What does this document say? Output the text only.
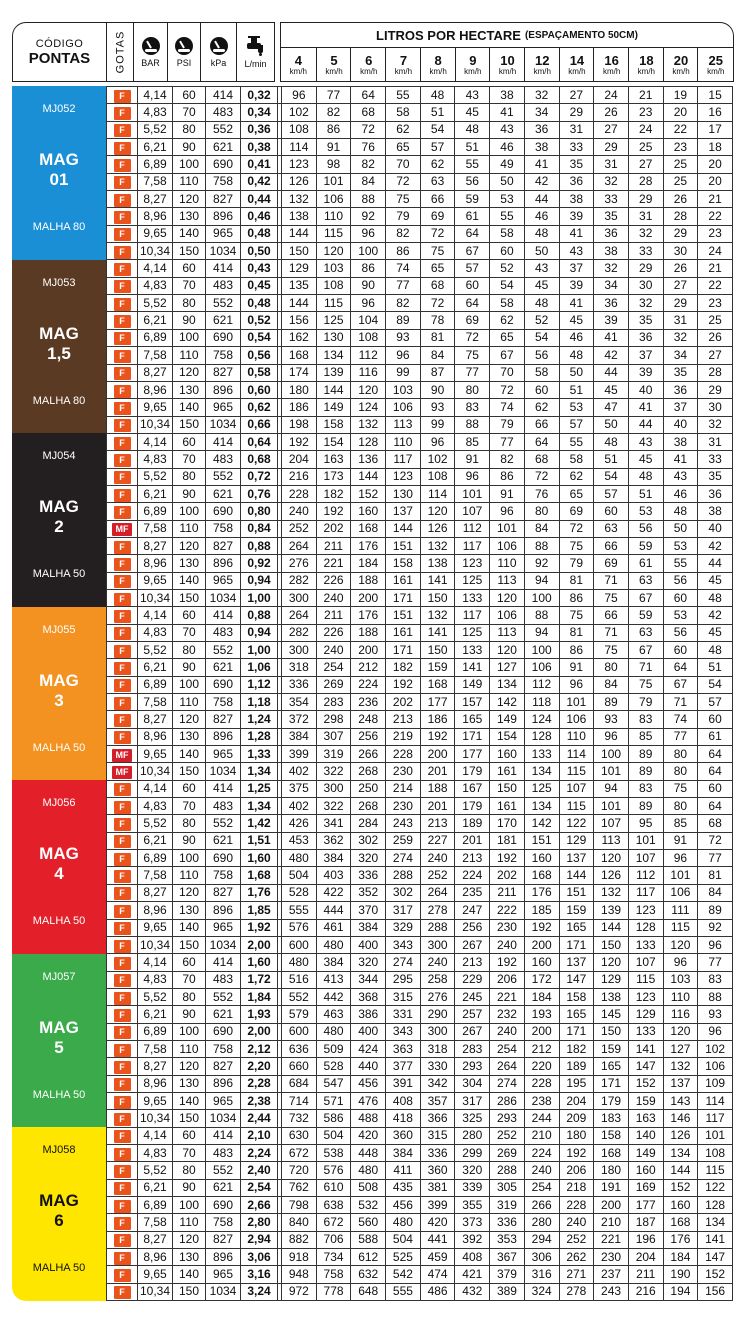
CÓDIGO
PONTAS GOTAS BAR PSI kPa L/min
LITROS POR HECTARE (ESPAÇAMENTO 50CM)
4
km/h
5
km/h
6
km/h
7
km/h
8
km/h
9
km/h
10
km/h
12
km/h
14
km/h
16
km/h
18
km/h
20
km/h
25
km/h
MJ052
MAG
01
MALHA 80
MJ053
MAG
1,5
MALHA 80
MJ054
MAG
2
MALHA 50
MJ055
MAG
3
MALHA 50
MJ056
MAG
4
MALHA 50
MJ057
MAG
5
MALHA 50
MJ058
MAG
6
MALHA 50
F	4,14	60	414	0,32		96	77	64	55	48	43	38	32	27	24	21	19	15
F	4,83	70	483	0,34		102	82	68	58	51	45	41	34	29	26	23	20	16
F	5,52	80	552	0,36		108	86	72	62	54	48	43	36	31	27	24	22	17
F	6,21	90	621	0,38		114	91	76	65	57	51	46	38	33	29	25	23	18
F	6,89	100	690	0,41		123	98	82	70	62	55	49	41	35	31	27	25	20
F	7,58	110	758	0,42		126	101	84	72	63	56	50	42	36	32	28	25	20
F	8,27	120	827	0,44		132	106	88	75	66	59	53	44	38	33	29	26	21
F	8,96	130	896	0,46		138	110	92	79	69	61	55	46	39	35	31	28	22
F	9,65	140	965	0,48		144	115	96	82	72	64	58	48	41	36	32	29	23
F	10,34	150	1034	0,50		150	120	100	86	75	67	60	50	43	38	33	30	24
F	4,14	60	414	0,43		129	103	86	74	65	57	52	43	37	32	29	26	21
F	4,83	70	483	0,45		135	108	90	77	68	60	54	45	39	34	30	27	22
F	5,52	80	552	0,48		144	115	96	82	72	64	58	48	41	36	32	29	23
F	6,21	90	621	0,52		156	125	104	89	78	69	62	52	45	39	35	31	25
F	6,89	100	690	0,54		162	130	108	93	81	72	65	54	46	41	36	32	26
F	7,58	110	758	0,56		168	134	112	96	84	75	67	56	48	42	37	34	27
F	8,27	120	827	0,58		174	139	116	99	87	77	70	58	50	44	39	35	28
F	8,96	130	896	0,60		180	144	120	103	90	80	72	60	51	45	40	36	29
F	9,65	140	965	0,62		186	149	124	106	93	83	74	62	53	47	41	37	30
F	10,34	150	1034	0,66		198	158	132	113	99	88	79	66	57	50	44	40	32
F	4,14	60	414	0,64		192	154	128	110	96	85	77	64	55	48	43	38	31
F	4,83	70	483	0,68		204	163	136	117	102	91	82	68	58	51	45	41	33
F	5,52	80	552	0,72		216	173	144	123	108	96	86	72	62	54	48	43	35
F	6,21	90	621	0,76		228	182	152	130	114	101	91	76	65	57	51	46	36
F	6,89	100	690	0,80		240	192	160	137	120	107	96	80	69	60	53	48	38
MF	7,58	110	758	0,84		252	202	168	144	126	112	101	84	72	63	56	50	40
F	8,27	120	827	0,88		264	211	176	151	132	117	106	88	75	66	59	53	42
F	8,96	130	896	0,92		276	221	184	158	138	123	110	92	79	69	61	55	44
F	9,65	140	965	0,94		282	226	188	161	141	125	113	94	81	71	63	56	45
F	10,34	150	1034	1,00		300	240	200	171	150	133	120	100	86	75	67	60	48
F	4,14	60	414	0,88		264	211	176	151	132	117	106	88	75	66	59	53	42
F	4,83	70	483	0,94		282	226	188	161	141	125	113	94	81	71	63	56	45
F	5,52	80	552	1,00		300	240	200	171	150	133	120	100	86	75	67	60	48
F	6,21	90	621	1,06		318	254	212	182	159	141	127	106	91	80	71	64	51
F	6,89	100	690	1,12		336	269	224	192	168	149	134	112	96	84	75	67	54
F	7,58	110	758	1,18		354	283	236	202	177	157	142	118	101	89	79	71	57
F	8,27	120	827	1,24		372	298	248	213	186	165	149	124	106	93	83	74	60
F	8,96	130	896	1,28		384	307	256	219	192	171	154	128	110	96	85	77	61
MF	9,65	140	965	1,33		399	319	266	228	200	177	160	133	114	100	89	80	64
MF	10,34	150	1034	1,34		402	322	268	230	201	179	161	134	115	101	89	80	64
F	4,14	60	414	1,25		375	300	250	214	188	167	150	125	107	94	83	75	60
F	4,83	70	483	1,34		402	322	268	230	201	179	161	134	115	101	89	80	64
F	5,52	80	552	1,42		426	341	284	243	213	189	170	142	122	107	95	85	68
F	6,21	90	621	1,51		453	362	302	259	227	201	181	151	129	113	101	91	72
F	6,89	100	690	1,60		480	384	320	274	240	213	192	160	137	120	107	96	77
F	7,58	110	758	1,68		504	403	336	288	252	224	202	168	144	126	112	101	81
F	8,27	120	827	1,76		528	422	352	302	264	235	211	176	151	132	117	106	84
F	8,96	130	896	1,85		555	444	370	317	278	247	222	185	159	139	123	111	89
F	9,65	140	965	1,92		576	461	384	329	288	256	230	192	165	144	128	115	92
F	10,34	150	1034	2,00		600	480	400	343	300	267	240	200	171	150	133	120	96
F	4,14	60	414	1,60		480	384	320	274	240	213	192	160	137	120	107	96	77
F	4,83	70	483	1,72		516	413	344	295	258	229	206	172	147	129	115	103	83
F	5,52	80	552	1,84		552	442	368	315	276	245	221	184	158	138	123	110	88
F	6,21	90	621	1,93		579	463	386	331	290	257	232	193	165	145	129	116	93
F	6,89	100	690	2,00		600	480	400	343	300	267	240	200	171	150	133	120	96
F	7,58	110	758	2,12		636	509	424	363	318	283	254	212	182	159	141	127	102
F	8,27	120	827	2,20		660	528	440	377	330	293	264	220	189	165	147	132	106
F	8,96	130	896	2,28		684	547	456	391	342	304	274	228	195	171	152	137	109
F	9,65	140	965	2,38		714	571	476	408	357	317	286	238	204	179	159	143	114
F	10,34	150	1034	2,44		732	586	488	418	366	325	293	244	209	183	163	146	117
F	4,14	60	414	2,10		630	504	420	360	315	280	252	210	180	158	140	126	101
F	4,83	70	483	2,24		672	538	448	384	336	299	269	224	192	168	149	134	108
F	5,52	80	552	2,40		720	576	480	411	360	320	288	240	206	180	160	144	115
F	6,21	90	621	2,54		762	610	508	435	381	339	305	254	218	191	169	152	122
F	6,89	100	690	2,66		798	638	532	456	399	355	319	266	228	200	177	160	128
F	7,58	110	758	2,80		840	672	560	480	420	373	336	280	240	210	187	168	134
F	8,27	120	827	2,94		882	706	588	504	441	392	353	294	252	221	196	176	141
F	8,96	130	896	3,06		918	734	612	525	459	408	367	306	262	230	204	184	147
F	9,65	140	965	3,16		948	758	632	542	474	421	379	316	271	237	211	190	152
F	10,34	150	1034	3,24		972	778	648	555	486	432	389	324	278	243	216	194	156
